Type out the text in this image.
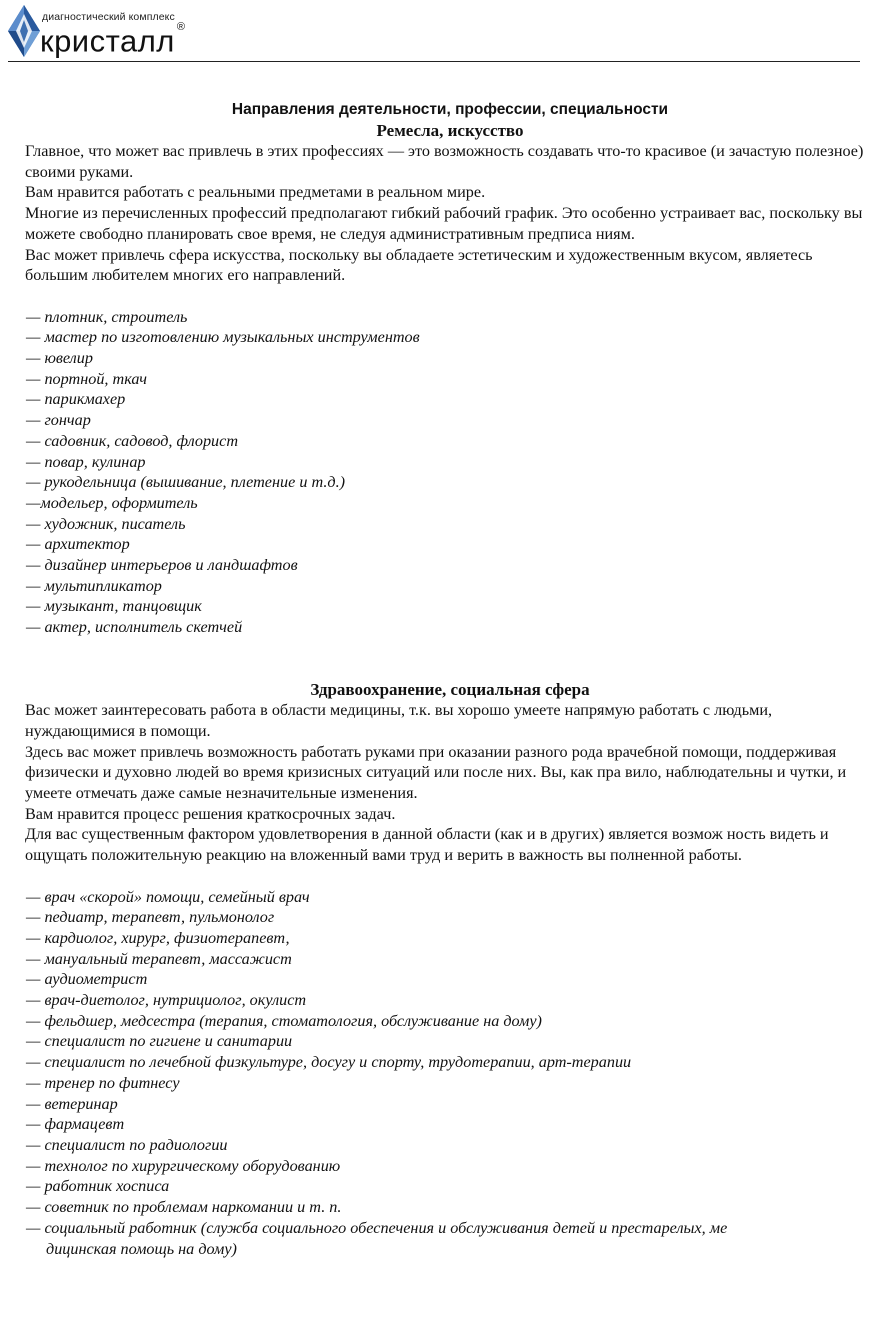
диагностический комплекс
кристалл ®
Направления деятельности, профессии, специальности
Ремесла, искусство

Главное, что может вас привлечь в этих профессиях — это возможность создавать что-то красивое (и зачастую полезное) своими руками.

Вам нравится работать с реальными предметами в реальном мире.

Многие из перечисленных профессий предполагают гибкий рабочий график. Это особенно устраивает вас, поскольку вы можете свободно планировать свое время, не следуя административным предписа ниям.

Вас может привлечь сфера искусства, поскольку вы обладаете эстетическим и художественным вкусом, являетесь большим любителем многих его направлений.

— плотник, строитель
— мастер по изготовлению музыкальных инструментов
— ювелир
— портной, ткач
— парикмахер
— гончар
— садовник, садовод, флорист
— повар, кулинар
— рукодельница (вышивание, плетение и т.д.)
—модельер, оформитель
— художник, писатель
— архитектор
— дизайнер интерьеров и ландшафтов
— мультипликатор
— музыкант, танцовщик
— актер, исполнитель скетчей
Здравоохранение, социальная сфера

Вас может заинтересовать работа в области медицины, т.к. вы хорошо умеете напрямую работать с людьми, нуждающимися в помощи.

Здесь вас может привлечь возможность работать руками при оказании разного рода врачебной помощи, поддерживая физически и духовно людей во время кризисных ситуаций или после них. Вы, как пра вило, наблюдательны и чутки, и умеете отмечать даже самые незначительные изменения.

Вам нравится процесс решения краткосрочных задач.

Для вас существенным фактором удовлетворения в данной области (как и в других) является возмож ность видеть и ощущать положительную реакцию на вложенный вами труд и верить в важность вы полненной работы.

— врач «скорой» помощи, семейный врач
— педиатр, терапевт, пульмонолог
— кардиолог, хирург, физиотерапевт,
— мануальный терапевт, массажист
— аудиометрист
— врач-диетолог, нутрициолог, окулист
— фельдшер, медсестра (терапия, стоматология, обслуживание на дому)
— специалист по гигиене и санитарии
— специалист по лечебной физкультуре, досугу и спорту, трудотерапии, арт-терапии
— тренер по фитнесу
— ветеринар
— фармацевт
— специалист по радиологии
— технолог по хирургическому оборудованию
— работник хосписа
— советник по проблемам наркомании и т. п.
— социальный работник (служба социального обеспечения и обслуживания детей и престарелых, ме
дицинская помощь на дому)
